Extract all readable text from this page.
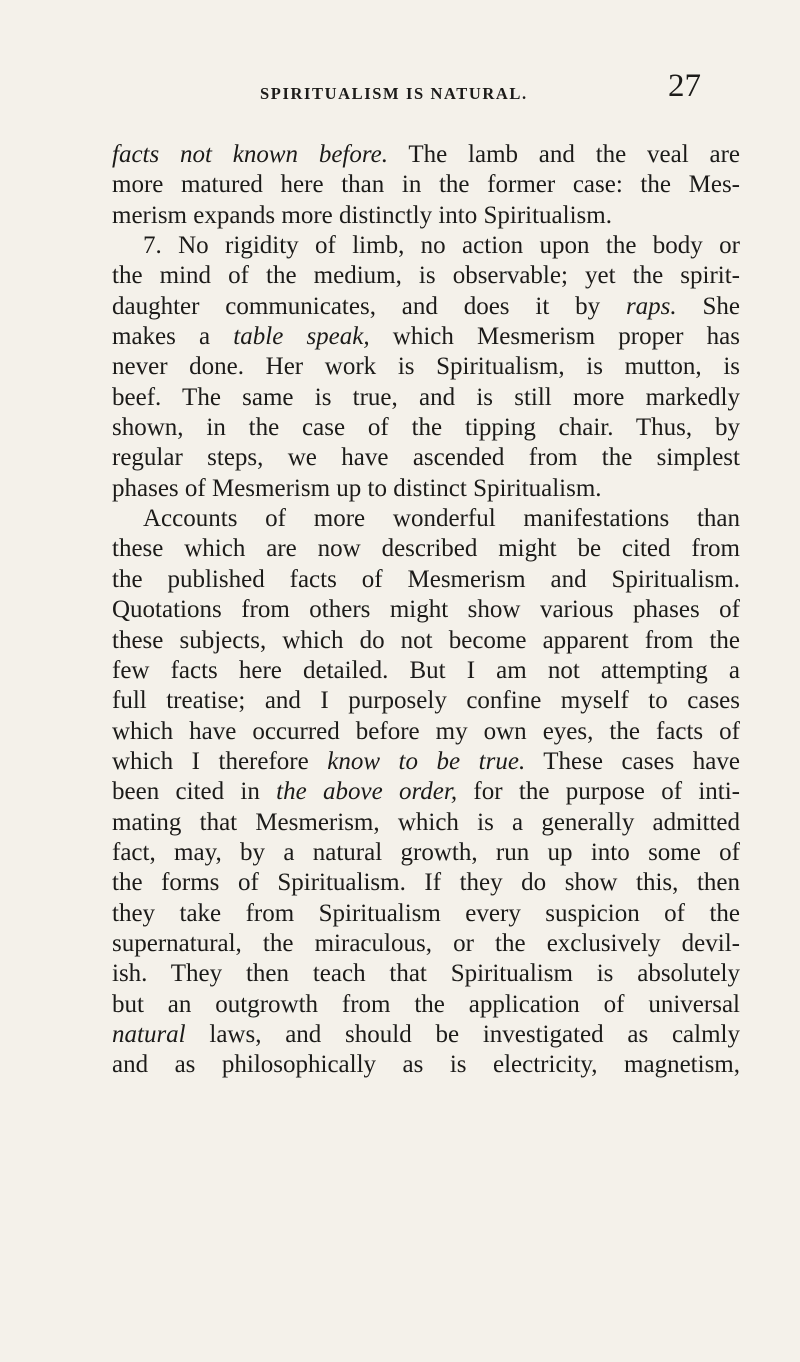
SPIRITUALISM IS NATURAL.	27
facts not known before. The lamb and the veal are
more matured here than in the former case: the Mes-
merism expands more distinctly into Spiritualism.
7. No rigidity of limb, no action upon the body or
the mind of the medium, is observable; yet the spirit-
daughter communicates, and does it by raps. She
makes a table speak, which Mesmerism proper has
never done. Her work is Spiritualism, is mutton, is
beef. The same is true, and is still more markedly
shown, in the case of the tipping chair. Thus, by
regular steps, we have ascended from the simplest
phases of Mesmerism up to distinct Spiritualism.
Accounts of more wonderful manifestations than
these which are now described might be cited from
the published facts of Mesmerism and Spiritualism.
Quotations from others might show various phases of
these subjects, which do not become apparent from the
few facts here detailed. But I am not attempting a
full treatise; and I purposely confine myself to cases
which have occurred before my own eyes, the facts of
which I therefore know to be true. These cases have
been cited in the above order, for the purpose of inti-
mating that Mesmerism, which is a generally admitted
fact, may, by a natural growth, run up into some of
the forms of Spiritualism. If they do show this, then
they take from Spiritualism every suspicion of the
supernatural, the miraculous, or the exclusively devil-
ish. They then teach that Spiritualism is absolutely
but an outgrowth from the application of universal
natural laws, and should be investigated as calmly
and as philosophically as is electricity, magnetism,
